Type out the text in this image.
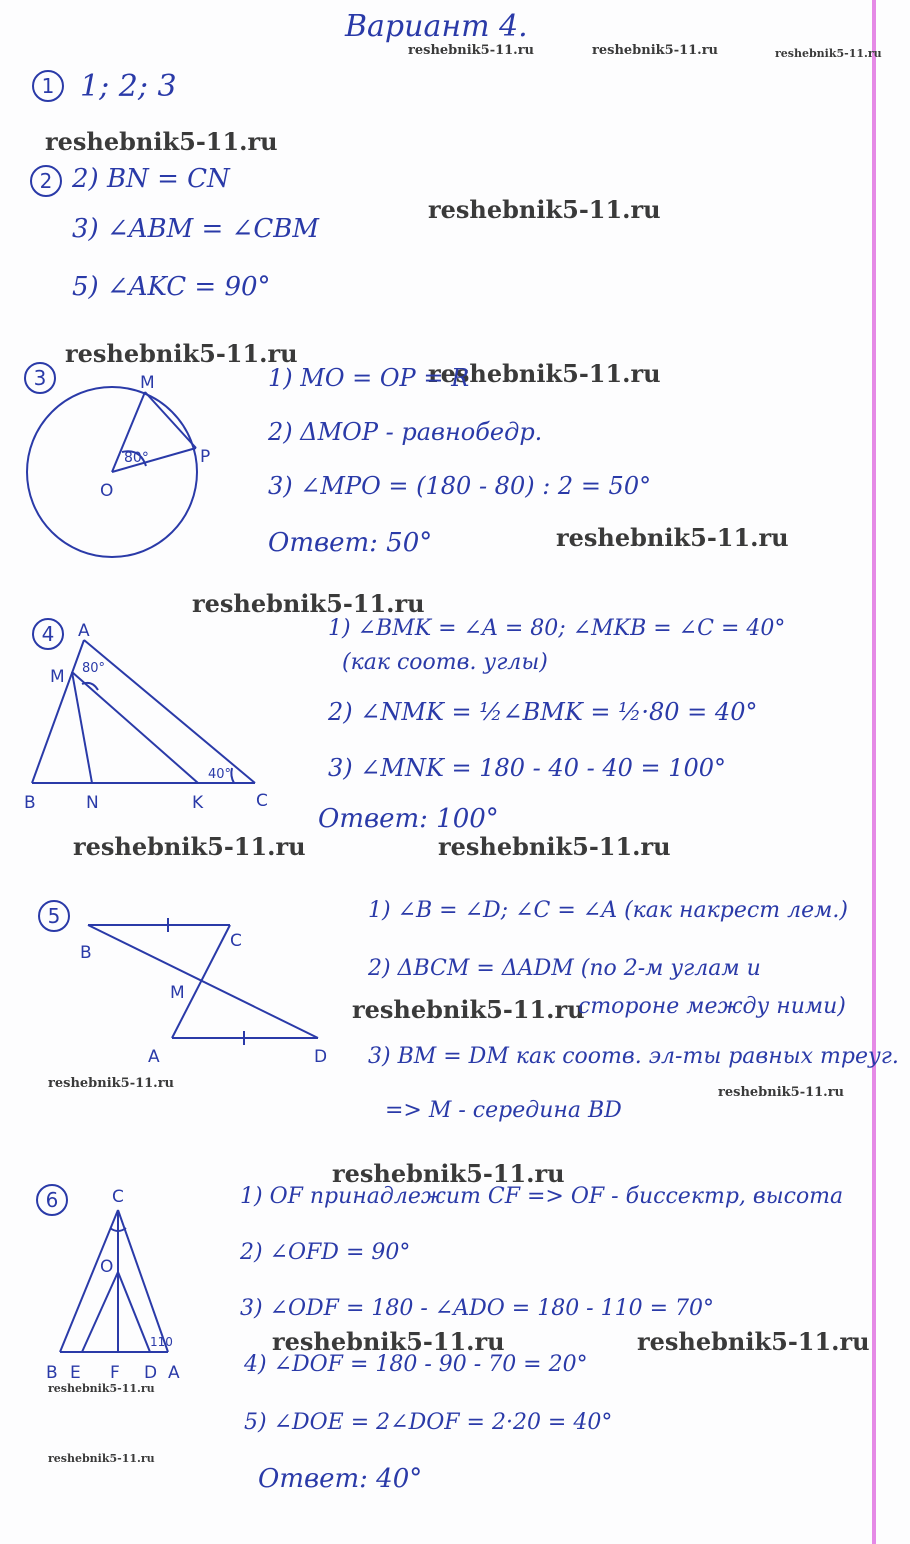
Вариант 4.
reshebnik5-11.ru	reshebnik5-11.ru	reshebnik5-11.ru
reshebnik5-11.ru
reshebnik5-11.ru
reshebnik5-11.ru
reshebnik5-11.ru
reshebnik5-11.ru
reshebnik5-11.ru
reshebnik5-11.ru	reshebnik5-11.ru
reshebnik5-11.ru
reshebnik5-11.ru
reshebnik5-11.ru
reshebnik5-11.ru
reshebnik5-11.ru	reshebnik5-11.ru
reshebnik5-11.ru
reshebnik5-11.ru
1 1; 2; 3
2 2) BN = CN
3) ∠ABM = ∠CBM
5) ∠AKC = 90°
3	M
O
P
80°
1) MO = OP = R
2) ΔMOP - равнобедр.
3) ∠MPO = (180 - 80) : 2 = 50°
Ответ: 50°
4	A
M
B	N	K	C
80°
40°
1) ∠BMK = ∠A = 80; ∠MKB = ∠C = 40°
(как соотв. углы)
2) ∠NMK = ½∠BMK = ½·80 = 40°
3) ∠MNK = 180 - 40 - 40 = 100°
Ответ: 100°
5
B
C
M
A	D
1) ∠B = ∠D; ∠C = ∠A (как накрест лем.)
2) ΔBCM = ΔADM (по 2-м углам и
стороне между ними)
3) BM = DM как соотв. эл-ты равных треуг.
=> M - середина BD
6	C
O
B E F D A
110
1) OF принадлежит CF => OF - биссектр, высота
2) ∠OFD = 90°
3) ∠ODF = 180 - ∠ADO = 180 - 110 = 70°
4) ∠DOF = 180 - 90 - 70 = 20°
5) ∠DOE = 2∠DOF = 2·20 = 40°
Ответ: 40°
